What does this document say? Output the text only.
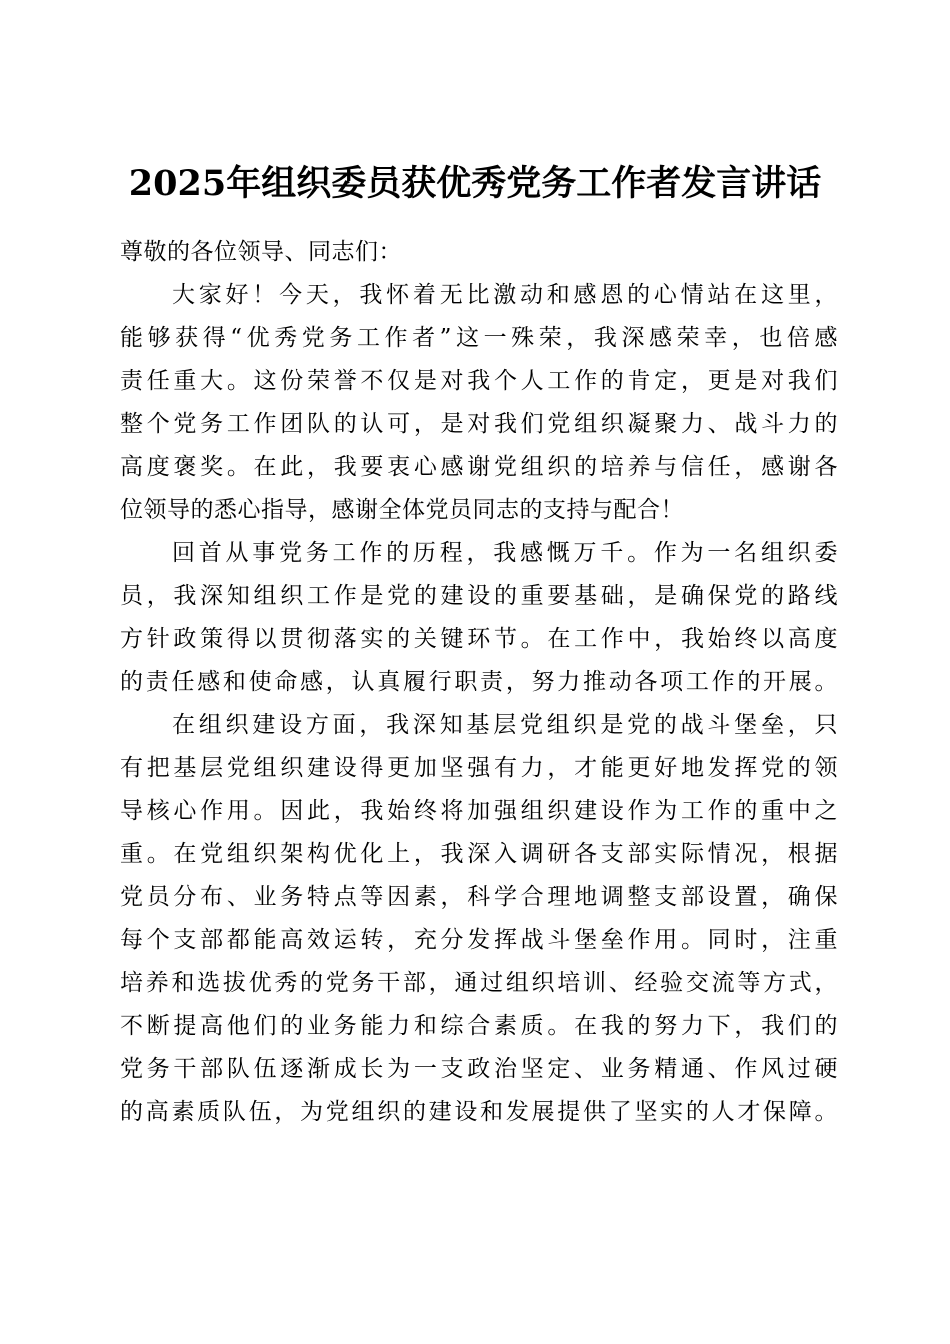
2025年组织委员获优秀党务工作者发言讲话

尊敬的各位领导、同志们：

大家好！今天，我怀着无比激动和感恩的心情站在这里，
能够获得“优秀党务工作者”这一殊荣，我深感荣幸，也倍感
责任重大。这份荣誉不仅是对我个人工作的肯定，更是对我们
整个党务工作团队的认可，是对我们党组织凝聚力、战斗力的
高度褒奖。在此，我要衷心感谢党组织的培养与信任，感谢各
位领导的悉心指导，感谢全体党员同志的支持与配合！
回首从事党务工作的历程，我感慨万千。作为一名组织委
员，我深知组织工作是党的建设的重要基础，是确保党的路线
方针政策得以贯彻落实的关键环节。在工作中，我始终以高度
的责任感和使命感，认真履行职责，努力推动各项工作的开展。
在组织建设方面，我深知基层党组织是党的战斗堡垒，只
有把基层党组织建设得更加坚强有力，才能更好地发挥党的领
导核心作用。因此，我始终将加强组织建设作为工作的重中之
重。在党组织架构优化上，我深入调研各支部实际情况，根据
党员分布、业务特点等因素，科学合理地调整支部设置，确保
每个支部都能高效运转，充分发挥战斗堡垒作用。同时，注重
培养和选拔优秀的党务干部，通过组织培训、经验交流等方式，
不断提高他们的业务能力和综合素质。在我的努力下，我们的
党务干部队伍逐渐成长为一支政治坚定、业务精通、作风过硬
的高素质队伍，为党组织的建设和发展提供了坚实的人才保障。
